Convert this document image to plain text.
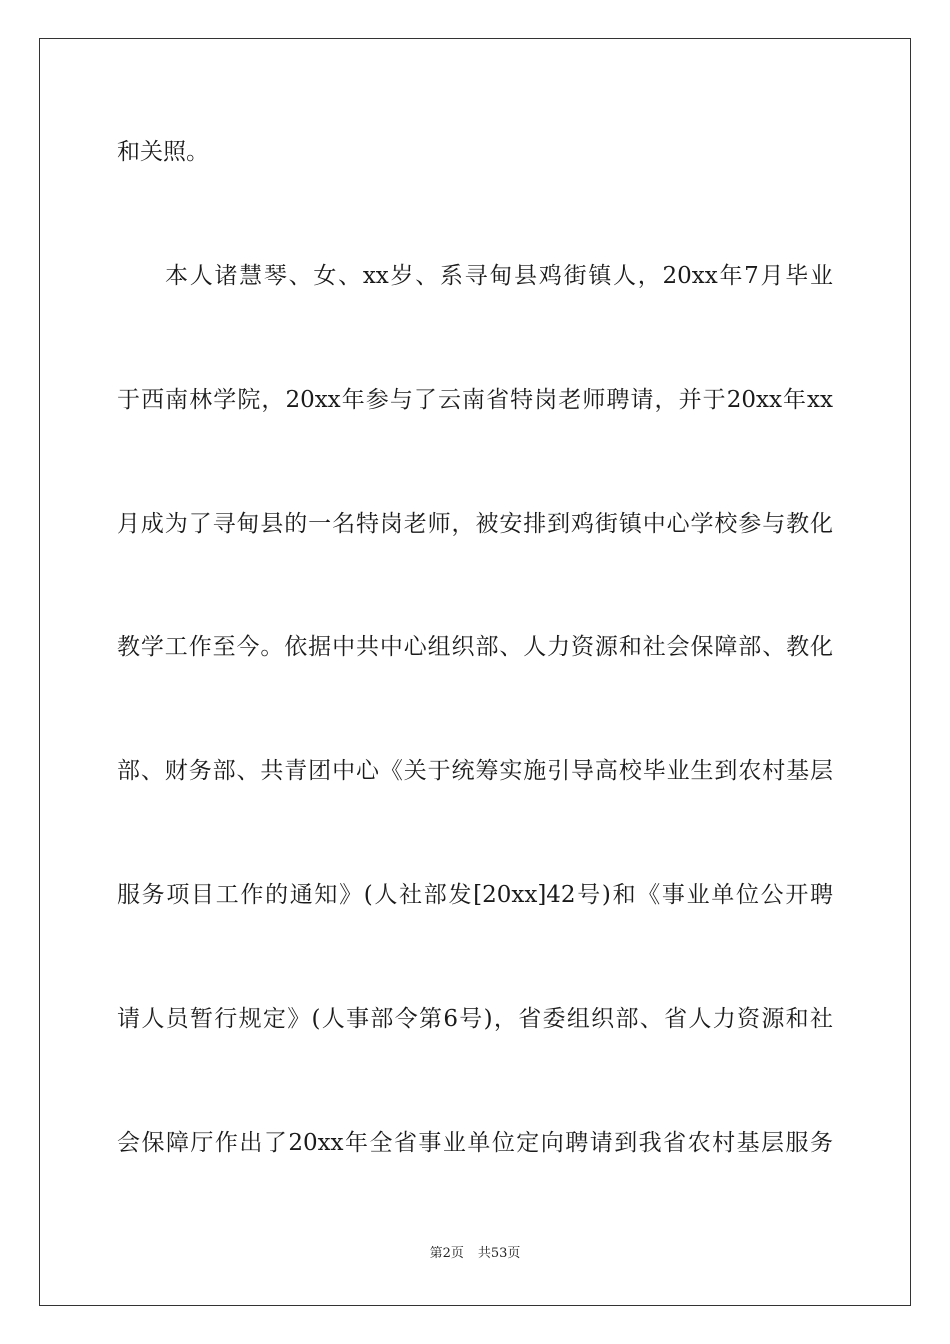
和关照。

本人诸慧琴、女、xx岁、系寻甸县鸡街镇人，20xx年7月毕业

于西南林学院，20xx年参与了云南省特岗老师聘请，并于20xx年xx

月成为了寻甸县的一名特岗老师，被安排到鸡街镇中心学校参与教化

教学工作至今。依据中共中心组织部、人力资源和社会保障部、教化

部、财务部、共青团中心《关于统筹实施引导高校毕业生到农村基层

服务项目工作的通知》(人社部发[20xx]42号)和《事业单位公开聘

请人员暂行规定》(人事部令第6号)，省委组织部、省人力资源和社

会保障厅作出了20xx年全省事业单位定向聘请到我省农村基层服务

第2页 共53页
